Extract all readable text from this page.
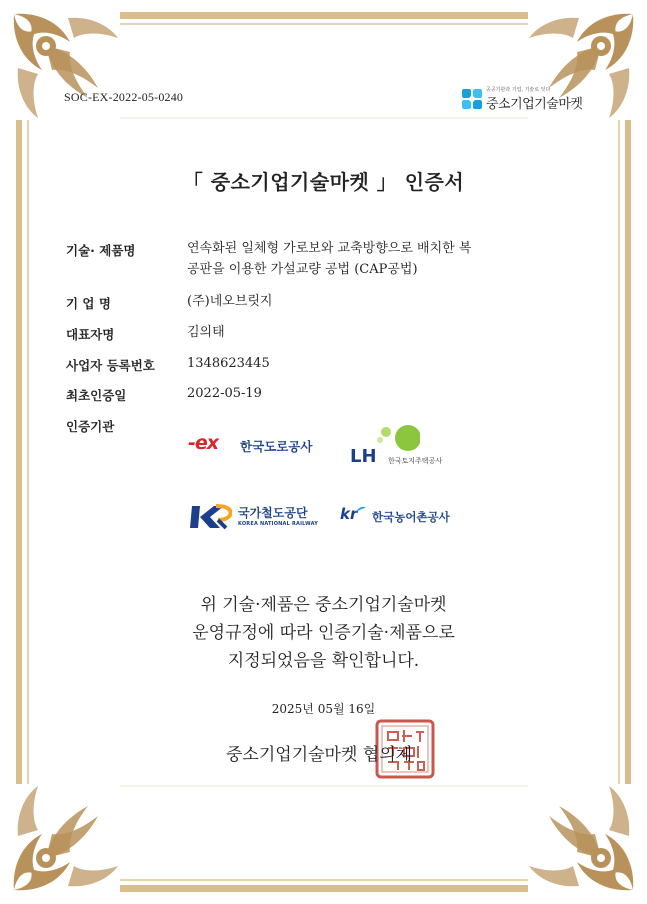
SOC-EX-2022-05-0240	공공기관과 기업, 기술로 잇다
중소기업기술마켓
「 중소기업기술마켓 」 인증서
기술· 제품명	연속화된 일체형 가로보와 교축방향으로 배치한 복
공판을 이용한 가설교량 공법 (CAP공법)
기 업 명	(주)네오브릿지
대표자명	김의태
사업자 등록번호 1348623445
최초인증일	2022-05-19
인증기관
-ex 한국도로공사 LH 한국토지주택공사
국가철도공단
KOREA NATIONAL RAILWAY
kr 한국농어촌공사
위 기술·제품은 중소기업기술마켓
운영규정에 따라 인증기술·제품으로
지정되었음을 확인합니다.
2025년 05월 16일
중소기업기술마켓 협의체
